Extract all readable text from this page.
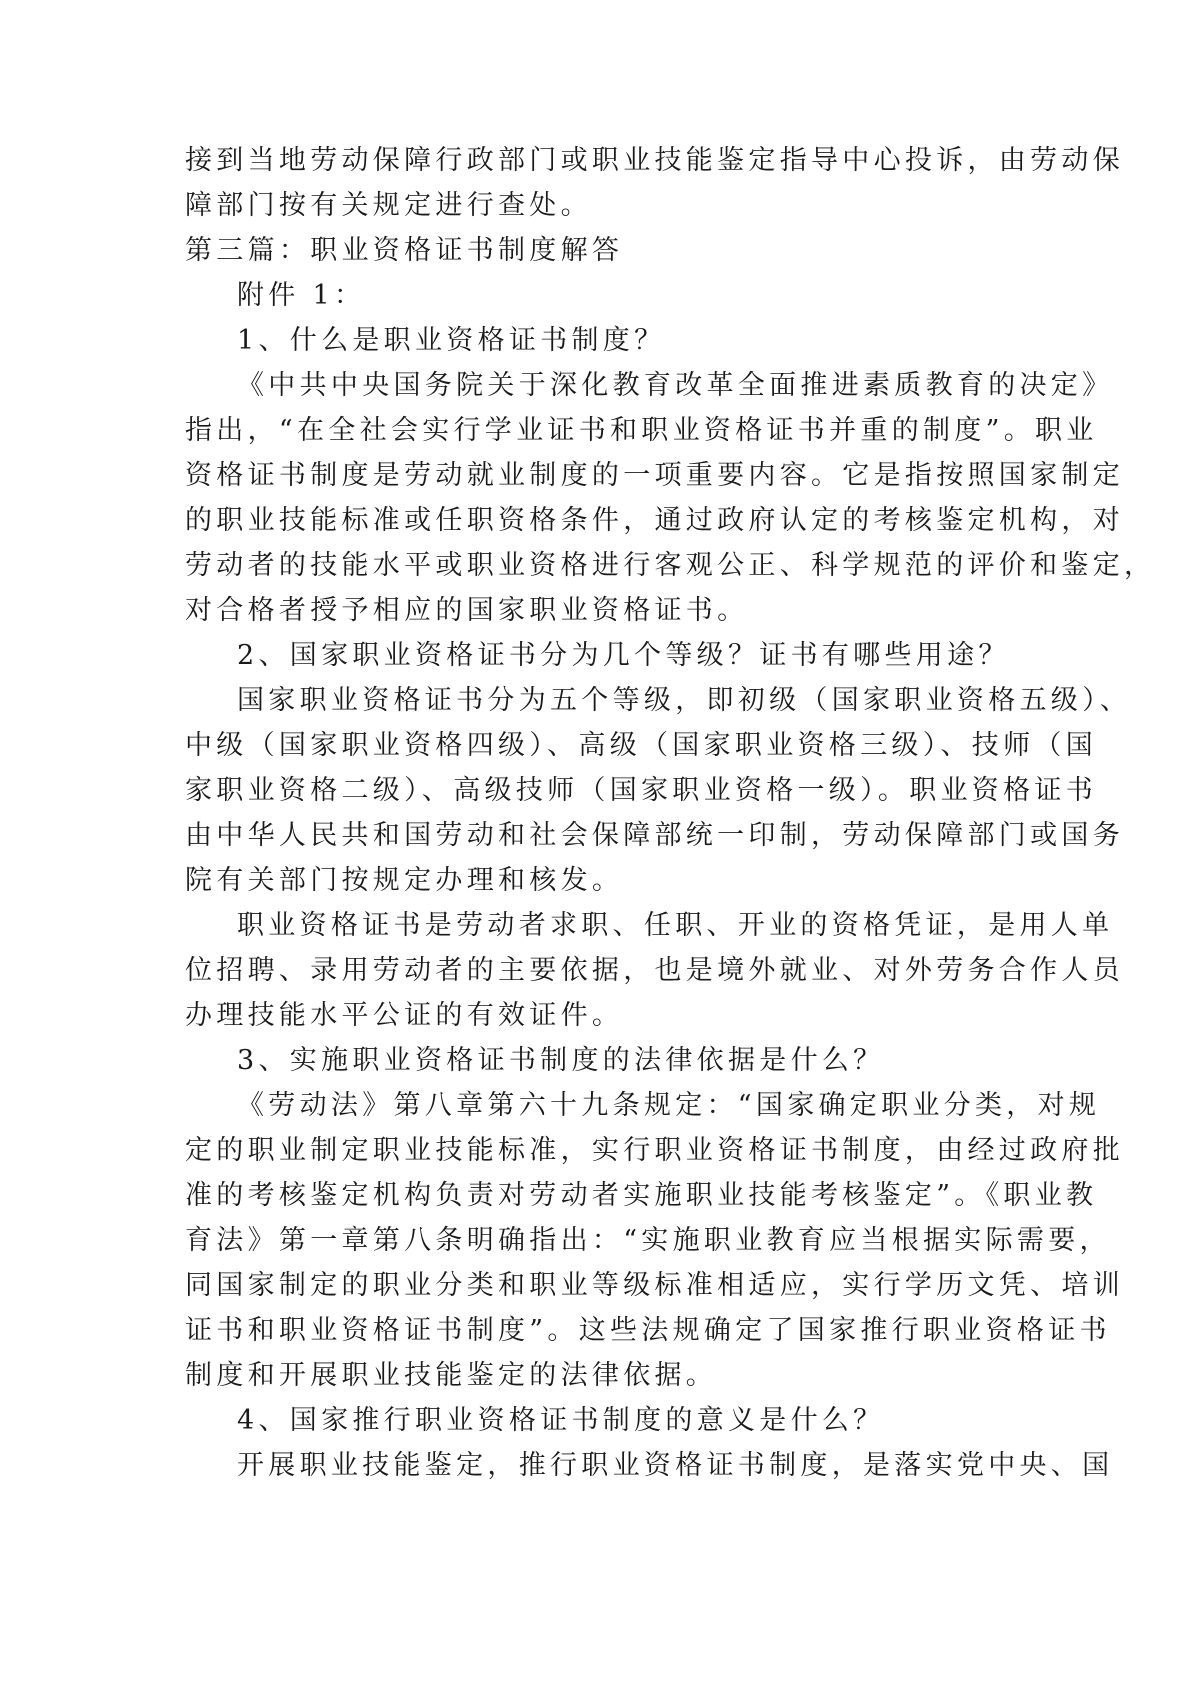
接到当地劳动保障行政部门或职业技能鉴定指导中心投诉，由劳动保
障部门按有关规定进行查处。
第三篇：职业资格证书制度解答
附件 1：
1、什么是职业资格证书制度？
《中共中央国务院关于深化教育改革全面推进素质教育的决定》
指出，“在全社会实行学业证书和职业资格证书并重的制度”。职业
资格证书制度是劳动就业制度的一项重要内容。它是指按照国家制定
的职业技能标准或任职资格条件，通过政府认定的考核鉴定机构，对
劳动者的技能水平或职业资格进行客观公正、科学规范的评价和鉴定，
对合格者授予相应的国家职业资格证书。
2、国家职业资格证书分为几个等级？证书有哪些用途？
国家职业资格证书分为五个等级，即初级（国家职业资格五级）、
中级（国家职业资格四级）、高级（国家职业资格三级）、技师（国
家职业资格二级）、高级技师（国家职业资格一级）。职业资格证书
由中华人民共和国劳动和社会保障部统一印制，劳动保障部门或国务
院有关部门按规定办理和核发。
职业资格证书是劳动者求职、任职、开业的资格凭证，是用人单
位招聘、录用劳动者的主要依据，也是境外就业、对外劳务合作人员
办理技能水平公证的有效证件。
3、实施职业资格证书制度的法律依据是什么？
《劳动法》第八章第六十九条规定：“国家确定职业分类，对规
定的职业制定职业技能标准，实行职业资格证书制度，由经过政府批
准的考核鉴定机构负责对劳动者实施职业技能考核鉴定”。《职业教
育法》第一章第八条明确指出：“实施职业教育应当根据实际需要，
同国家制定的职业分类和职业等级标准相适应，实行学历文凭、培训
证书和职业资格证书制度”。这些法规确定了国家推行职业资格证书
制度和开展职业技能鉴定的法律依据。
4、国家推行职业资格证书制度的意义是什么？
开展职业技能鉴定，推行职业资格证书制度，是落实党中央、国
